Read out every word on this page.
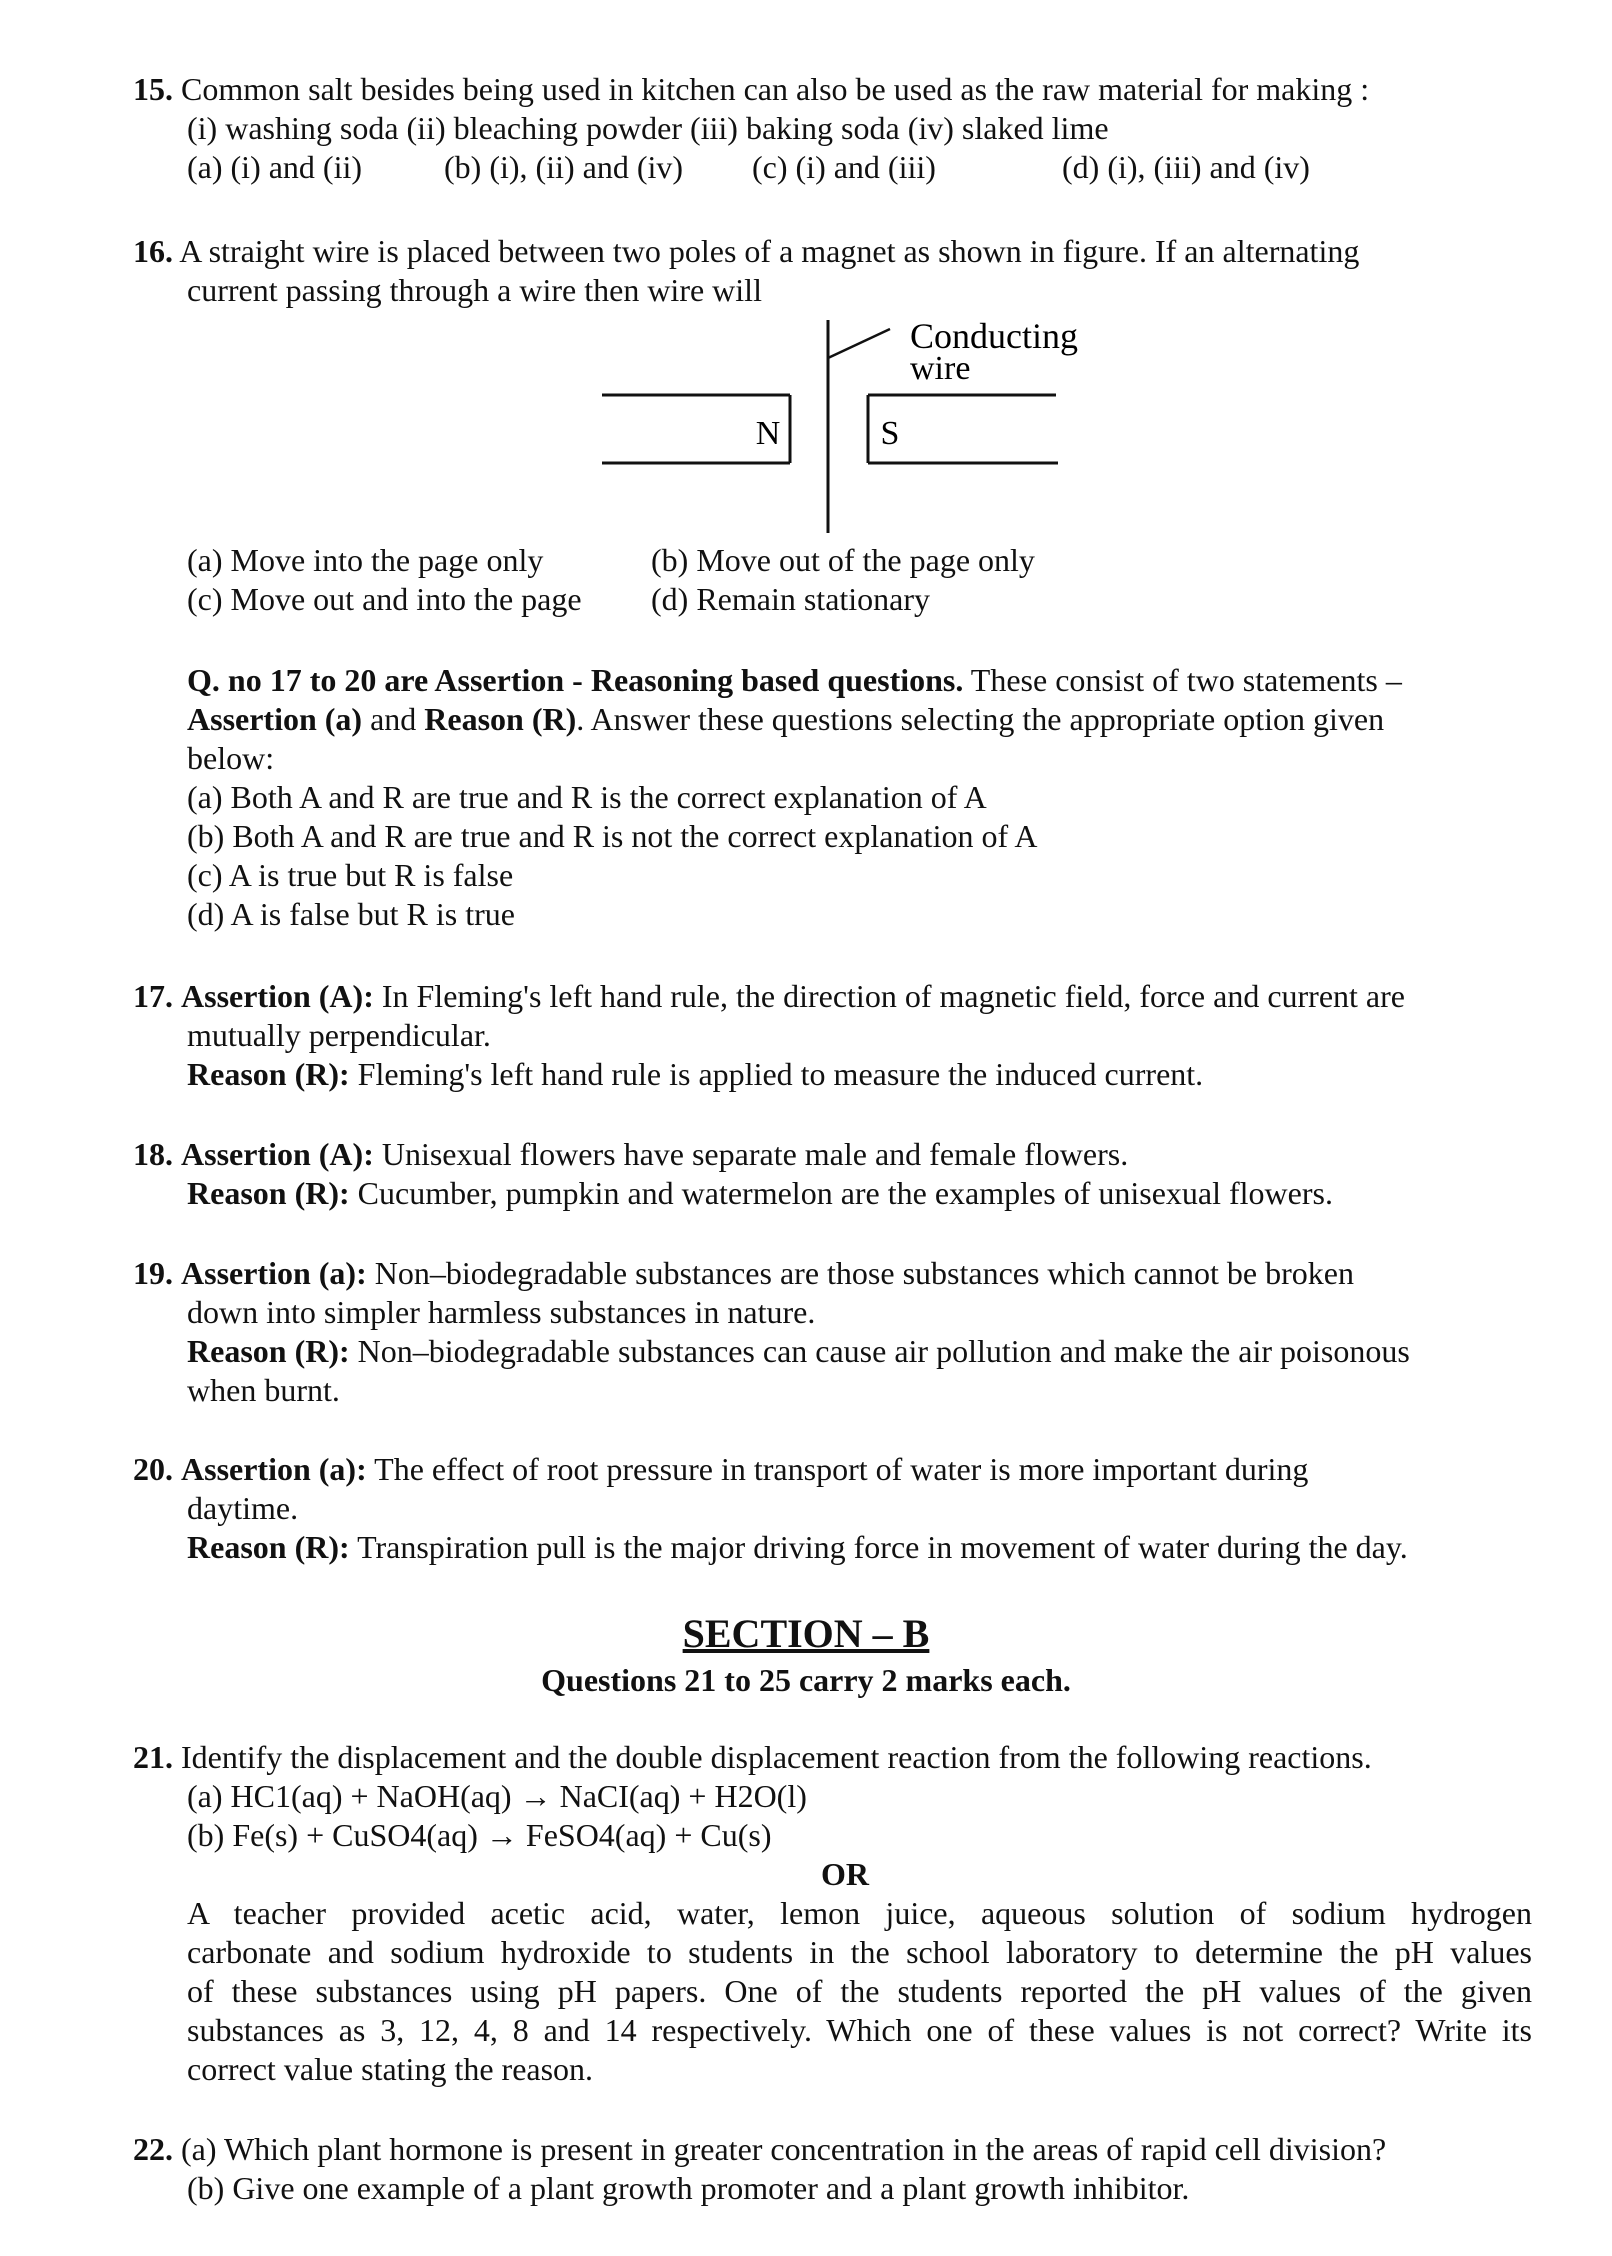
15. Common salt besides being used in kitchen can also be used as the raw material for making :
(i) washing soda (ii) bleaching powder (iii) baking soda (iv) slaked lime
(a) (i) and (ii)	(b) (i), (ii) and (iv) (c) (i) and (iii)	(d) (i), (iii) and (iv)
16. A straight wire is placed between two poles of a magnet as shown in figure. If an alternating
current passing through a wire then wire will
N	S
Conducting
wire
(a) Move into the page only	(b) Move out of the page only
(c) Move out and into the page (d) Remain stationary
Q. no 17 to 20 are Assertion - Reasoning based questions. These consist of two statements –
Assertion (a) and Reason (R). Answer these questions selecting the appropriate option given
below:
(a) Both A and R are true and R is the correct explanation of A
(b) Both A and R are true and R is not the correct explanation of A
(c) A is true but R is false
(d) A is false but R is true
17. Assertion (A): In Fleming's left hand rule, the direction of magnetic field, force and current are
mutually perpendicular.
Reason (R): Fleming's left hand rule is applied to measure the induced current.
18. Assertion (A): Unisexual flowers have separate male and female flowers.
Reason (R): Cucumber, pumpkin and watermelon are the examples of unisexual flowers.
19. Assertion (a): Non–biodegradable substances are those substances which cannot be broken
down into simpler harmless substances in nature.
Reason (R): Non–biodegradable substances can cause air pollution and make the air poisonous
when burnt.
20. Assertion (a): The effect of root pressure in transport of water is more important during
daytime.
Reason (R): Transpiration pull is the major driving force in movement of water during the day.
SECTION – B
Questions 21 to 25 carry 2 marks each.
21. Identify the displacement and the double displacement reaction from the following reactions.
(a) HC1(aq) + NaOH(aq) → NaCI(aq) + H2O(l)
(b) Fe(s) + CuSO4(aq) → FeSO4(aq) + Cu(s)
OR
A teacher provided acetic acid, water, lemon juice, aqueous solution of sodium hydrogen
carbonate and sodium hydroxide to students in the school laboratory to determine the pH values
of these substances using pH papers. One of the students reported the pH values of the given
substances as 3, 12, 4, 8 and 14 respectively. Which one of these values is not correct? Write its
correct value stating the reason.
22. (a) Which plant hormone is present in greater concentration in the areas of rapid cell division?
(b) Give one example of a plant growth promoter and a plant growth inhibitor.
